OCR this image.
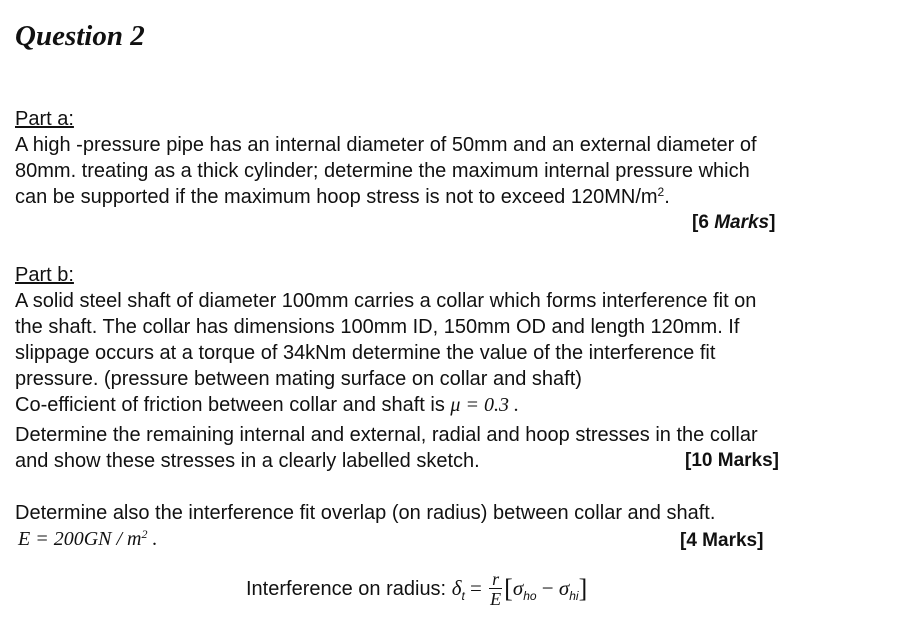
Question 2
Part a:
A high -pressure pipe has an internal diameter of 50mm and an external diameter of
80mm. treating as a thick cylinder; determine the maximum internal pressure which
can be supported if the maximum hoop stress is not to exceed $120MN/m^2$.
[6 Marks]
Part b:
A solid steel shaft of diameter 100mm carries a collar which forms interference fit on
the shaft. The collar has dimensions 100mm ID, 150mm OD and length 120mm. If
slippage occurs at a torque of 34kNm determine the value of the interference fit
pressure. (pressure between mating surface on collar and shaft)
Co-efficient of friction between collar and shaft is μ = 0.3 .
Determine the remaining internal and external, radial and hoop stresses in the collar
and show these stresses in a clearly labelled sketch.	[10 Marks]
Determine also the interference fit overlap (on radius) between collar and shaft.
$E = 200GN / m^2$ .	[4 Marks]
Interference on radius: $\delta_t = \frac{r}{E} [\sigma_{ho} - \sigma_{hi}]$
